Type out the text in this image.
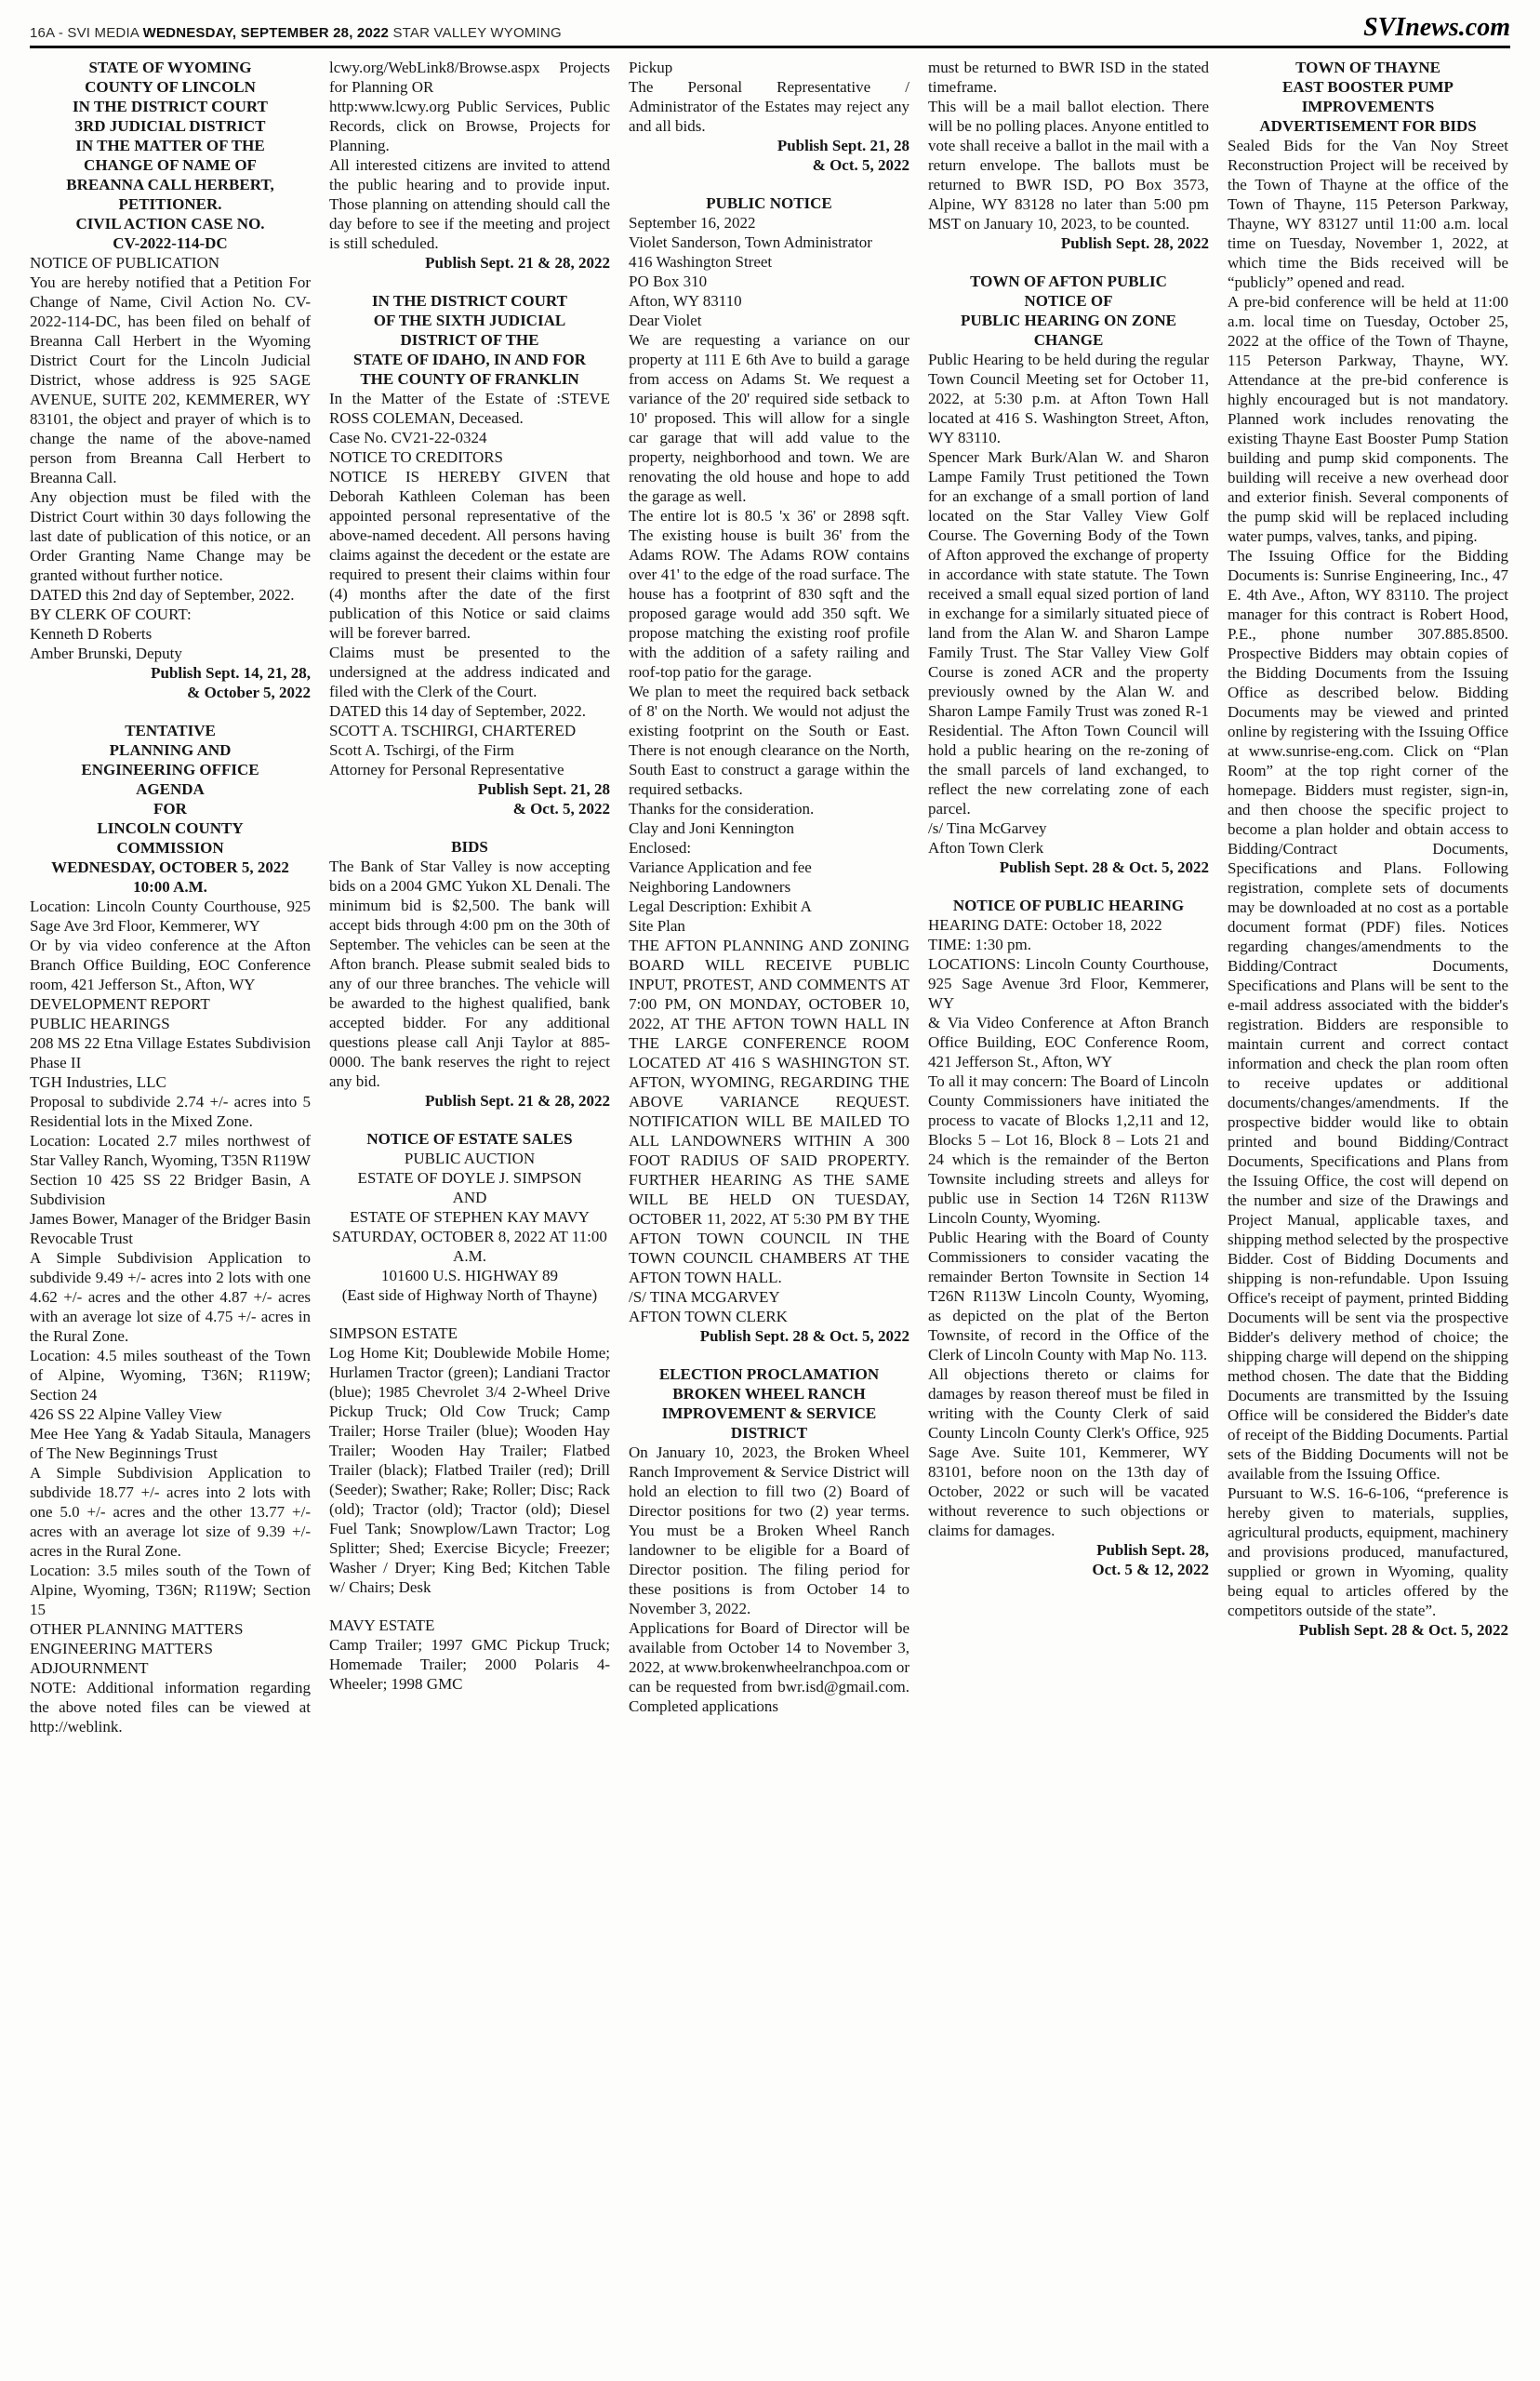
16A - SVI MEDIA WEDNESDAY, SEPTEMBER 28, 2022 STAR VALLEY WYOMING	SVInews.com
STATE OF WYOMING
COUNTY OF LINCOLN
IN THE DISTRICT COURT
3RD JUDICIAL DISTRICT
IN THE MATTER OF THE
CHANGE OF NAME OF
BREANNA CALL HERBERT,
PETITIONER.
CIVIL ACTION CASE NO.
CV-2022-114-DC
NOTICE OF PUBLICATION
You are hereby notified that a Petition For Change of Name, Civil Action No. CV-2022-114-DC, has been filed on behalf of Breanna Call Herbert in the Wyoming District Court for the Lincoln Judicial District, whose address is 925 SAGE AVENUE, SUITE 202, KEMMERER, WY 83101, the object and prayer of which is to change the name of the above-named person from Breanna Call Herbert to Breanna Call.
Any objection must be filed with the District Court within 30 days following the last date of publication of this notice, or an Order Granting Name Change may be granted without further notice.
DATED this 2nd day of September, 2022.
BY CLERK OF COURT:
Kenneth D Roberts
Amber Brunski, Deputy
Publish Sept. 14, 21, 28,
& October 5, 2022
TENTATIVE
PLANNING AND
ENGINEERING OFFICE
AGENDA
FOR
LINCOLN COUNTY
COMMISSION
WEDNESDAY, OCTOBER 5, 2022
10:00 A.M.
Location: Lincoln County Courthouse, 925 Sage Ave 3rd Floor, Kemmerer, WY
Or by via video conference at the Afton Branch Office Building, EOC Conference room, 421 Jefferson St., Afton, WY
DEVELOPMENT REPORT
PUBLIC HEARINGS
208 MS 22 Etna Village Estates Subdivision Phase II
TGH Industries, LLC
Proposal to subdivide 2.74 +/- acres into 5 Residential lots in the Mixed Zone.
Location: Located 2.7 miles northwest of Star Valley Ranch, Wyoming, T35N R119W Section 10 425 SS 22 Bridger Basin, A Subdivision
James Bower, Manager of the Bridger Basin Revocable Trust
A Simple Subdivision Application to subdivide 9.49 +/- acres into 2 lots with one 4.62 +/- acres and the other 4.87 +/- acres with an average lot size of 4.75 +/- acres in the Rural Zone.
Location: 4.5 miles southeast of the Town of Alpine, Wyoming, T36N; R119W; Section 24
426 SS 22 Alpine Valley View
Mee Hee Yang & Yadab Sitaula, Managers of The New Beginnings Trust
A Simple Subdivision Application to subdivide 18.77 +/- acres into 2 lots with one 5.0 +/- acres and the other 13.77 +/- acres with an average lot size of 9.39 +/- acres in the Rural Zone.
Location: 3.5 miles south of the Town of Alpine, Wyoming, T36N; R119W; Section 15
OTHER PLANNING MATTERS
ENGINEERING MATTERS
ADJOURNMENT
NOTE: Additional information regarding the above noted files can be viewed at http://weblink.
lcwy.org/WebLink8/Browse.aspx Projects for Planning OR
http:www.lcwy.org Public Services, Public Records, click on Browse, Projects for Planning.
All interested citizens are invited to attend the public hearing and to provide input. Those planning on attending should call the day before to see if the meeting and project is still scheduled.
Publish Sept. 21 & 28, 2022
IN THE DISTRICT COURT
OF THE SIXTH JUDICIAL
DISTRICT OF THE
STATE OF IDAHO, IN AND FOR
THE COUNTY OF FRANKLIN
In the Matter of the Estate of :STEVE ROSS COLEMAN, Deceased.
Case No. CV21-22-0324
NOTICE TO CREDITORS
NOTICE IS HEREBY GIVEN that Deborah Kathleen Coleman has been appointed personal representative of the above-named decedent. All persons having claims against the decedent or the estate are required to present their claims within four (4) months after the date of the first publication of this Notice or said claims will be forever barred.
Claims must be presented to the undersigned at the address indicated and filed with the Clerk of the Court.
DATED this 14 day of September, 2022.
SCOTT A. TSCHIRGI, CHARTERED
Scott A. Tschirgi, of the Firm
Attorney for Personal Representative
Publish Sept. 21, 28
& Oct. 5, 2022
BIDS
The Bank of Star Valley is now accepting bids on a 2004 GMC Yukon XL Denali. The minimum bid is $2,500. The bank will accept bids through 4:00 pm on the 30th of September. The vehicles can be seen at the Afton branch. Please submit sealed bids to any of our three branches. The vehicle will be awarded to the highest qualified, bank accepted bidder. For any additional questions please call Anji Taylor at 885- 0000. The bank reserves the right to reject any bid.
Publish Sept. 21 & 28, 2022
NOTICE OF ESTATE SALES
PUBLIC AUCTION
ESTATE OF DOYLE J. SIMPSON
AND
ESTATE OF STEPHEN KAY MAVY
SATURDAY, OCTOBER 8, 2022 AT 11:00 A.M.
101600 U.S. HIGHWAY 89
(East side of Highway North of Thayne)
SIMPSON ESTATE
Log Home Kit; Doublewide Mobile Home; Hurlamen Tractor (green); Landiani Tractor (blue); 1985 Chevrolet 3/4 2-Wheel Drive Pickup Truck; Old Cow Truck; Camp Trailer; Horse Trailer (blue); Wooden Hay Trailer; Wooden Hay Trailer; Flatbed Trailer (black); Flatbed Trailer (red); Drill (Seeder); Swather; Rake; Roller; Disc; Rack (old); Tractor (old); Tractor (old); Diesel Fuel Tank; Snowplow/Lawn Tractor; Log Splitter; Shed; Exercise Bicycle; Freezer; Washer / Dryer; King Bed; Kitchen Table w/ Chairs; Desk
MAVY ESTATE
Camp Trailer; 1997 GMC Pickup Truck; Homemade Trailer; 2000 Polaris 4-Wheeler; 1998 GMC
Pickup
The Personal Representative / Administrator of the Estates may reject any and all bids.
Publish Sept. 21, 28
& Oct. 5, 2022
PUBLIC NOTICE
September 16, 2022
Violet Sanderson, Town Administrator
416 Washington Street
PO Box 310
Afton, WY 83110
Dear Violet
We are requesting a variance on our property at 111 E 6th Ave to build a garage from access on Adams St. We request a variance of the 20' required side setback to 10' proposed. This will allow for a single car garage that will add value to the property, neighborhood and town. We are renovating the old house and hope to add the garage as well.
The entire lot is 80.5 'x 36' or 2898 sqft. The existing house is built 36' from the Adams ROW. The Adams ROW contains over 41' to the edge of the road surface. The house has a footprint of 830 sqft and the proposed garage would add 350 sqft. We propose matching the existing roof profile with the addition of a safety railing and roof-top patio for the garage.
We plan to meet the required back setback of 8' on the North. We would not adjust the existing footprint on the South or East. There is not enough clearance on the North, South East to construct a garage within the required setbacks.
Thanks for the consideration.
Clay and Joni Kennington
Enclosed:
Variance Application and fee
Neighboring Landowners
Legal Description: Exhibit A
Site Plan
THE AFTON PLANNING AND ZONING BOARD WILL RECEIVE PUBLIC INPUT, PROTEST, AND COMMENTS AT 7:00 PM, ON MONDAY, OCTOBER 10, 2022, AT THE AFTON TOWN HALL IN THE LARGE CONFERENCE ROOM LOCATED AT 416 S WASHINGTON ST. AFTON, WYOMING, REGARDING THE ABOVE VARIANCE REQUEST. NOTIFICATION WILL BE MAILED TO ALL LANDOWNERS WITHIN A 300 FOOT RADIUS OF SAID PROPERTY. FURTHER HEARING AS THE SAME WILL BE HELD ON TUESDAY, OCTOBER 11, 2022, AT 5:30 PM BY THE AFTON TOWN COUNCIL IN THE TOWN COUNCIL CHAMBERS AT THE AFTON TOWN HALL.
/S/ TINA MCGARVEY
AFTON TOWN CLERK
Publish Sept. 28 & Oct. 5, 2022
ELECTION PROCLAMATION
BROKEN WHEEL RANCH
IMPROVEMENT & SERVICE
DISTRICT
On January 10, 2023, the Broken Wheel Ranch Improvement & Service District will hold an election to fill two (2) Board of Director positions for two (2) year terms. You must be a Broken Wheel Ranch landowner to be eligible for a Board of Director position. The filing period for these positions is from October 14 to November 3, 2022.
Applications for Board of Director will be available from October 14 to November 3, 2022, at www.brokenwheelranchpoa.com or can be requested from bwr.isd@gmail.com. Completed applications
must be returned to BWR ISD in the stated timeframe.
This will be a mail ballot election. There will be no polling places. Anyone entitled to vote shall receive a ballot in the mail with a return envelope. The ballots must be returned to BWR ISD, PO Box 3573, Alpine, WY 83128 no later than 5:00 pm MST on January 10, 2023, to be counted.
Publish Sept. 28, 2022
TOWN OF AFTON PUBLIC
NOTICE OF
PUBLIC HEARING ON ZONE
CHANGE
Public Hearing to be held during the regular Town Council Meeting set for October 11, 2022, at 5:30 p.m. at Afton Town Hall located at 416 S. Washington Street, Afton, WY 83110.
Spencer Mark Burk/Alan W. and Sharon Lampe Family Trust petitioned the Town for an exchange of a small portion of land located on the Star Valley View Golf Course. The Governing Body of the Town of Afton approved the exchange of property in accordance with state statute. The Town received a small equal sized portion of land in exchange for a similarly situated piece of land from the Alan W. and Sharon Lampe Family Trust. The Star Valley View Golf Course is zoned ACR and the property previously owned by the Alan W. and Sharon Lampe Family Trust was zoned R-1 Residential. The Afton Town Council will hold a public hearing on the re-zoning of the small parcels of land exchanged, to reflect the new correlating zone of each parcel.
/s/ Tina McGarvey
Afton Town Clerk
Publish Sept. 28 & Oct. 5, 2022
NOTICE OF PUBLIC HEARING
HEARING DATE: October 18, 2022
TIME: 1:30 pm.
LOCATIONS: Lincoln County Courthouse, 925 Sage Avenue 3rd Floor, Kemmerer, WY
& Via Video Conference at Afton Branch Office Building, EOC Conference Room, 421 Jefferson St., Afton, WY
To all it may concern: The Board of Lincoln County Commissioners have initiated the process to vacate of Blocks 1,2,11 and 12, Blocks 5 – Lot 16, Block 8 – Lots 21 and 24 which is the remainder of the Berton Townsite including streets and alleys for public use in Section 14 T26N R113W Lincoln County, Wyoming.
Public Hearing with the Board of County Commissioners to consider vacating the remainder Berton Townsite in Section 14 T26N R113W Lincoln County, Wyoming, as depicted on the plat of the Berton Townsite, of record in the Office of the Clerk of Lincoln County with Map No. 113.
All objections thereto or claims for damages by reason thereof must be filed in writing with the County Clerk of said County Lincoln County Clerk's Office, 925 Sage Ave. Suite 101, Kemmerer, WY 83101, before noon on the 13th day of October, 2022 or such will be vacated without reverence to such objections or claims for damages.
Publish Sept. 28,
Oct. 5 & 12, 2022
TOWN OF THAYNE
EAST BOOSTER PUMP
IMPROVEMENTS
ADVERTISEMENT FOR BIDS
Sealed Bids for the Van Noy Street Reconstruction Project will be received by the Town of Thayne at the office of the Town of Thayne, 115 Peterson Parkway, Thayne, WY 83127 until 11:00 a.m. local time on Tuesday, November 1, 2022, at which time the Bids received will be “publicly” opened and read.
A pre-bid conference will be held at 11:00 a.m. local time on Tuesday, October 25, 2022 at the office of the Town of Thayne, 115 Peterson Parkway, Thayne, WY. Attendance at the pre-bid conference is highly encouraged but is not mandatory. Planned work includes renovating the existing Thayne East Booster Pump Station building and pump skid components. The building will receive a new overhead door and exterior finish. Several components of the pump skid will be replaced including water pumps, valves, tanks, and piping.
The Issuing Office for the Bidding Documents is: Sunrise Engineering, Inc., 47 E. 4th Ave., Afton, WY 83110. The project manager for this contract is Robert Hood, P.E., phone number 307.885.8500. Prospective Bidders may obtain copies of the Bidding Documents from the Issuing Office as described below. Bidding Documents may be viewed and printed online by registering with the Issuing Office at www.sunrise-eng.com. Click on “Plan Room” at the top right corner of the homepage. Bidders must register, sign-in, and then choose the specific project to become a plan holder and obtain access to Bidding/Contract Documents, Specifications and Plans. Following registration, complete sets of documents may be downloaded at no cost as a portable document format (PDF) files. Notices regarding changes/amendments to the Bidding/Contract Documents, Specifications and Plans will be sent to the e-mail address associated with the bidder's registration. Bidders are responsible to maintain current and correct contact information and check the plan room often to receive updates or additional documents/changes/amendments. If the prospective bidder would like to obtain printed and bound Bidding/Contract Documents, Specifications and Plans from the Issuing Office, the cost will depend on the number and size of the Drawings and Project Manual, applicable taxes, and shipping method selected by the prospective Bidder. Cost of Bidding Documents and shipping is non-refundable. Upon Issuing Office's receipt of payment, printed Bidding Documents will be sent via the prospective Bidder's delivery method of choice; the shipping charge will depend on the shipping method chosen. The date that the Bidding Documents are transmitted by the Issuing Office will be considered the Bidder's date of receipt of the Bidding Documents. Partial sets of the Bidding Documents will not be available from the Issuing Office.
Pursuant to W.S. 16-6-106, “preference is hereby given to materials, supplies, agricultural products, equipment, machinery and provisions produced, manufactured, supplied or grown in Wyoming, quality being equal to articles offered by the competitors outside of the state”.
Publish Sept. 28 & Oct. 5, 2022
